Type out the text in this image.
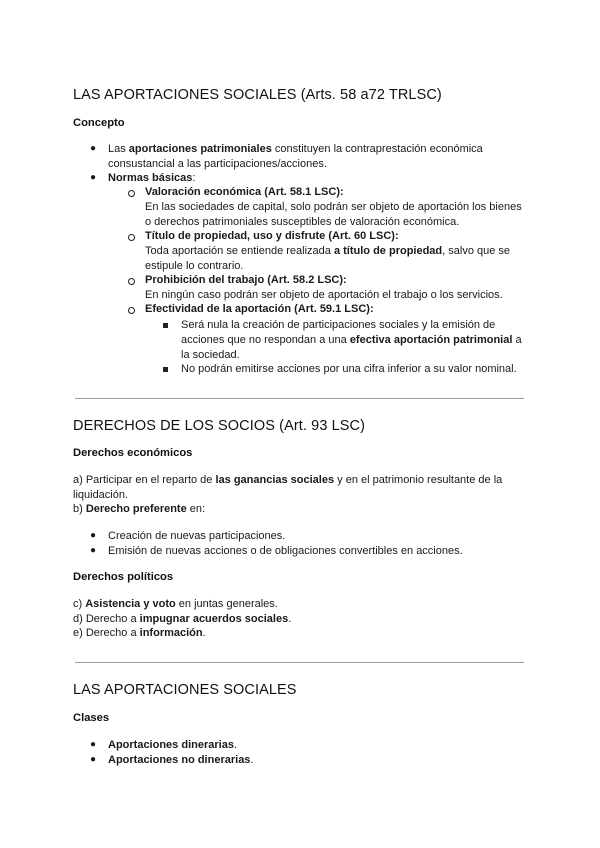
LAS APORTACIONES SOCIALES (Arts. 58 a72 TRLSC)
Concepto
● Las aportaciones patrimoniales constituyen la contraprestación económica
consustancial a las participaciones/acciones.
● Normas básicas:
Valoración económica (Art. 58.1 LSC):
En las sociedades de capital, solo podrán ser objeto de aportación los bienes
o derechos patrimoniales susceptibles de valoración económica.
Título de propiedad, uso y disfrute (Art. 60 LSC):
Toda aportación se entiende realizada a título de propiedad, salvo que se
estipule lo contrario.
Prohibición del trabajo (Art. 58.2 LSC):
En ningún caso podrán ser objeto de aportación el trabajo o los servicios.
Efectividad de la aportación (Art. 59.1 LSC):
Será nula la creación de participaciones sociales y la emisión de
acciones que no respondan a una efectiva aportación patrimonial a
la sociedad.
No podrán emitirse acciones por una cifra inferior a su valor nominal.
DERECHOS DE LOS SOCIOS (Art. 93 LSC)
Derechos económicos
a) Participar en el reparto de las ganancias sociales y en el patrimonio resultante de la
liquidación.
b) Derecho preferente en:
● Creación de nuevas participaciones.
● Emisión de nuevas acciones o de obligaciones convertibles en acciones.
Derechos políticos
c) Asistencia y voto en juntas generales.
d) Derecho a impugnar acuerdos sociales.
e) Derecho a información.
LAS APORTACIONES SOCIALES
Clases
● Aportaciones dinerarias.
● Aportaciones no dinerarias.
